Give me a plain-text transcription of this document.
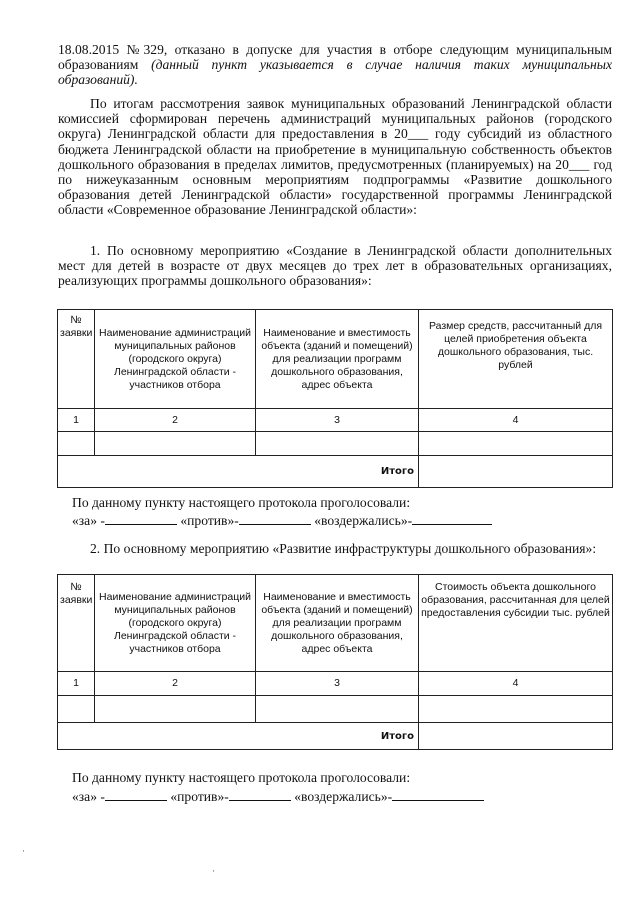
18.08.2015 №329, отказано в допуске для участия в отборе следующим муниципальным образованиям (данный пункт указывается в случае наличия таких муниципальных образований).

По итогам рассмотрения заявок муниципальных образований Ленинградской области комиссией сформирован перечень администраций муниципальных районов (городского округа) Ленинградской области для предоставления в 20___ году субсидий из областного бюджета Ленинградской области на приобретение в муниципальную собственность объектов дошкольного образования в пределах лимитов, предусмотренных (планируемых) на 20___ год по нижеуказанным основным мероприятиям подпрограммы «Развитие дошкольного образования детей Ленинградской области» государственной программы Ленинградской области «Современное образование Ленинградской области»:

1. По основному мероприятию «Создание в Ленинградской области дополнительных мест для детей в возрасте от двух месяцев до трех лет в образовательных организациях, реализующих программы дошкольного образования»:

№ заявки	Наименование администраций муниципальных районов (городского округа) Ленинградской области - участников отбора	Наименование и вместимость объекта (зданий и помещений) для реализации программ дошкольного образования, адрес объекта	Размер средств, рассчитанный для целей приобретения объекта дошкольного образования, тыс. рублей
1	2	3	4

Итого			

По данному пункту настоящего протокола проголосовали:

«за» -	«против»-	«воздержались»-

2. По основному мероприятию «Развитие инфраструктуры дошкольного образования»:

№ заявки	Наименование администраций муниципальных районов (городского округа) Ленинградской области - участников отбора	Наименование и вместимость объекта (зданий и помещений) для реализации программ дошкольного образования, адрес объекта	Стоимость объекта дошкольного образования, рассчитанная для целей предоставления субсидии тыс. рублей
1	2	3	4

Итого			

По данному пункту настоящего протокола проголосовали:

«за» -	«против»-	«воздержались»-

·
·
